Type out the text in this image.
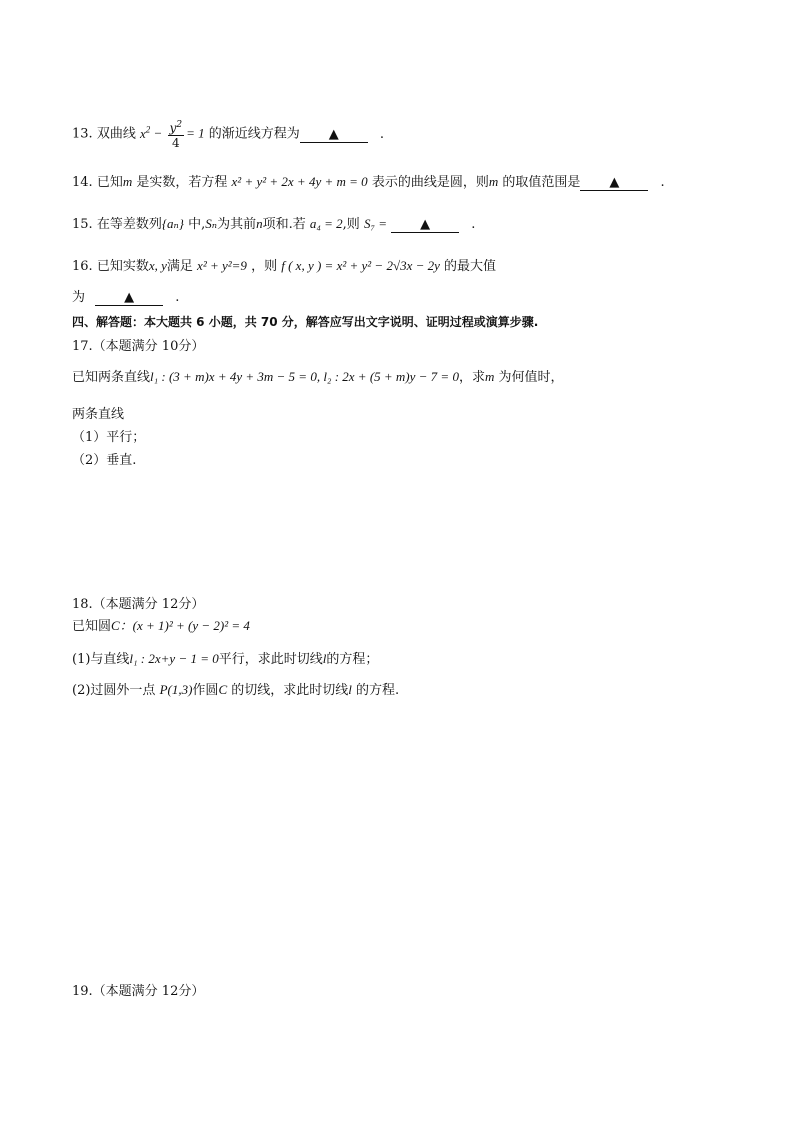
13. 双曲线 $x^2 - \frac{y^2}{4} = 1$ 的渐近线方程为 ▲	.
14. 已知m 是实数，若方程 x² + y² + 2x + 4y + m = 0 表示的曲线是圆，则m 的取值范围是 ▲	.
15. 在等差数列{aₙ} 中,Sₙ为其前n项和.若 a₄ = 2,则 S₇ =	▲	.
16. 已知实数x, y满足 x² + y²=9 ，则 f ( x, y ) = x² + y² − 2√3x − 2y 的最大值
为	▲	.
四、解答题：本大题共 6 小题，共 70 分，解答应写出文字说明、证明过程或演算步骤.
17.（本题满分 10分）
已知两条直线l₁ : (3 + m)x + 4y + 3m − 5 = 0, l₂ : 2x + (5 + m)y − 7 = 0，求m 为何值时，
两条直线
（1）平行；
（2）垂直.
18.（本题满分 12分）
已知圆C：(x + 1)² + (y − 2)² = 4
(1)与直线l₁ : 2x+y − 1 = 0平行，求此时切线l的方程；
(2)过圆外一点 P(1,3)作圆C 的切线，求此时切线l 的方程.
19.（本题满分 12分）
